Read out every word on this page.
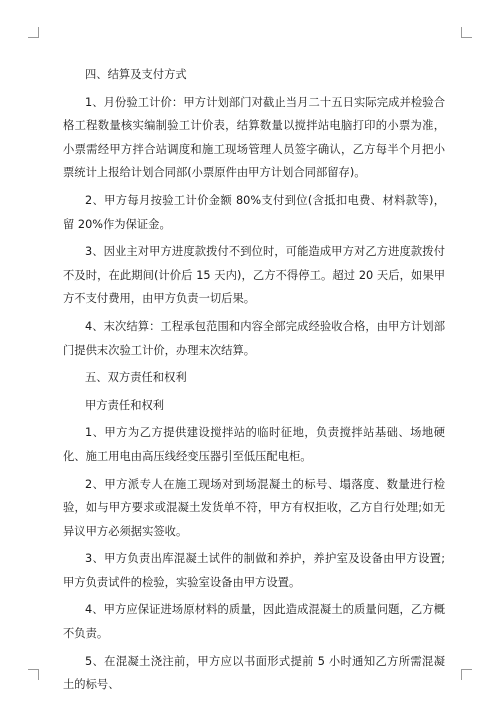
四、结算及支付方式

1、月份验工计价：甲方计划部门对截止当月二十五日实际完成并检验合格工程数量核实编制验工计价表，结算数量以搅拌站电脑打印的小票为准，小票需经甲方拌合站调度和施工现场管理人员签字确认，乙方每半个月把小票统计上报给计划合同部(小票原件由甲方计划合同部留存)。

2、甲方每月按验工计价金额 80%支付到位(含抵扣电费、材料款等)，留 20%作为保证金。

3、因业主对甲方进度款拨付不到位时，可能造成甲方对乙方进度款拨付不及时，在此期间(计价后 15 天内)，乙方不得停工。超过 20 天后，如果甲方不支付费用，由甲方负责一切后果。

4、末次结算：工程承包范围和内容全部完成经验收合格，由甲方计划部门提供末次验工计价，办理末次结算。

五、双方责任和权利

甲方责任和权利

1、甲方为乙方提供建设搅拌站的临时征地，负责搅拌站基础、场地硬化、施工用电由高压线经变压器引至低压配电柜。

2、甲方派专人在施工现场对到场混凝土的标号、塌落度、数量进行检验，如与甲方要求或混凝土发货单不符，甲方有权拒收，乙方自行处理;如无异议甲方必须据实签收。

3、甲方负责出库混凝土试件的制做和养护，养护室及设备由甲方设置;甲方负责试件的检验，实验室设备由甲方设置。

4、甲方应保证进场原材料的质量，因此造成混凝土的质量问题，乙方概不负责。

5、在混凝土浇注前，甲方应以书面形式提前 5 小时通知乙方所需混凝土的标号、
